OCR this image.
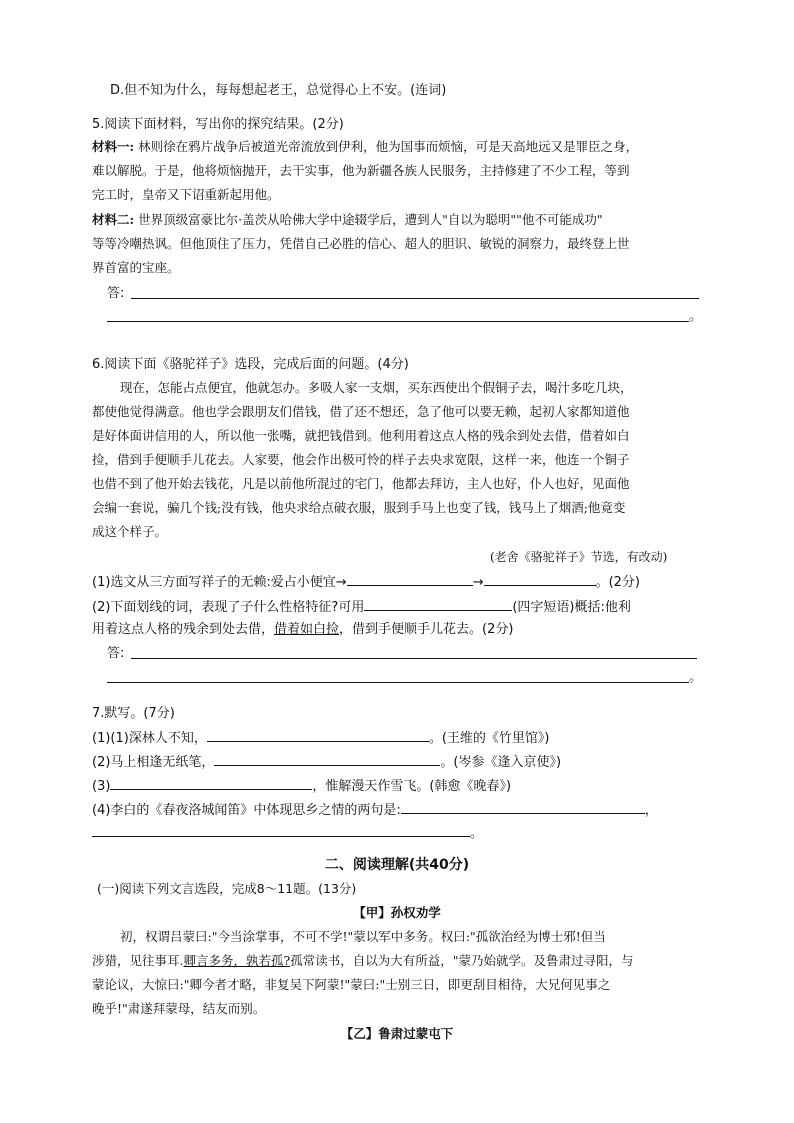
D.但不知为什么，每每想起老王，总觉得心上不安。(连词)
5.阅读下面材料，写出你的探究结果。(2分)
材料一: 林则徐在鸦片战争后被道光帝流放到伊利，他为国事而烦恼，可是天高地远又是罪臣之身，
难以解脱。于是，他将烦恼抛开，去干实事，他为新疆各族人民服务，主持修建了不少工程，等到
完工时，皇帝又下诏重新起用他。
材料二: 世界顶级富豪比尔·盖茨从哈佛大学中途辍学后，遭到人"自以为聪明""他不可能成功"
等等冷嘲热讽。但他顶住了压力，凭借自己必胜的信心、超人的胆识、敏锐的洞察力，最终登上世
界首富的宝座。
答:
。
6.阅读下面《骆驼祥子》选段，完成后面的问题。(4分)
现在，怎能占点便宜，他就怎办。多吸人家一支烟，买东西使出个假铜子去，喝汁多吃几块，
都使他觉得满意。他也学会跟朋友们借钱，借了还不想还，急了他可以要无赖，起初人家都知道他
是好体面讲信用的人，所以他一张嘴，就把钱借到。他利用着这点人格的残余到处去借，借着如白
捡，借到手便顺手儿花去。人家要，他会作出极可怜的样子去央求宽限，这样一来，他连一个铜子
也借不到了他开始去钱花，凡是以前他所混过的宅门，他都去拜访，主人也好，仆人也好，见面他
会编一套说，骗几个钱;没有钱，他央求给点破衣服，服到手马上也变了钱，钱马上了烟酒;他竟变
成这个样子。
(老舍《骆驼祥子》节选，有改动)
(1)选文从三方面写祥子的无赖:爱占小便宜→	→	。(2分)
(2)下面划线的词，表现了子什么性格特征?可用	(四字短语)概括:他利
用着这点人格的残余到处去借，借着如白捡，借到手便顺手儿花去。(2分)
答:
。
7.默写。(7分)
(1)(1)深林人不知，	。(王维的《竹里馆》)
(2)马上相逢无纸笔，	。(岑参《逢入京使》)
(3)	，惟解漫天作雪飞。(韩愈《晚春》)
(4)李白的《春夜洛城闻笛》中体现思乡之情的两句是:	，
。
二、阅读理解(共40分)
(一)阅读下列文言选段，完成8～11题。(13分)
【甲】孙权劝学
初，权谓吕蒙曰:"今当涂掌事，不可不学!"蒙以军中多务。权曰:"孤欲治经为博士邪!但当
涉猎，见往事耳.卿言多务，孰若孤?孤常读书，自以为大有所益，"蒙乃始就学。及鲁肃过寻阳，与
蒙论议，大惊曰:"卿今者才略，非复吴下阿蒙!"蒙曰:"士别三日，即更刮目相待，大兄何见事之
晚乎!"肃遂拜蒙母，结友而别。
【乙】鲁肃过蒙屯下
